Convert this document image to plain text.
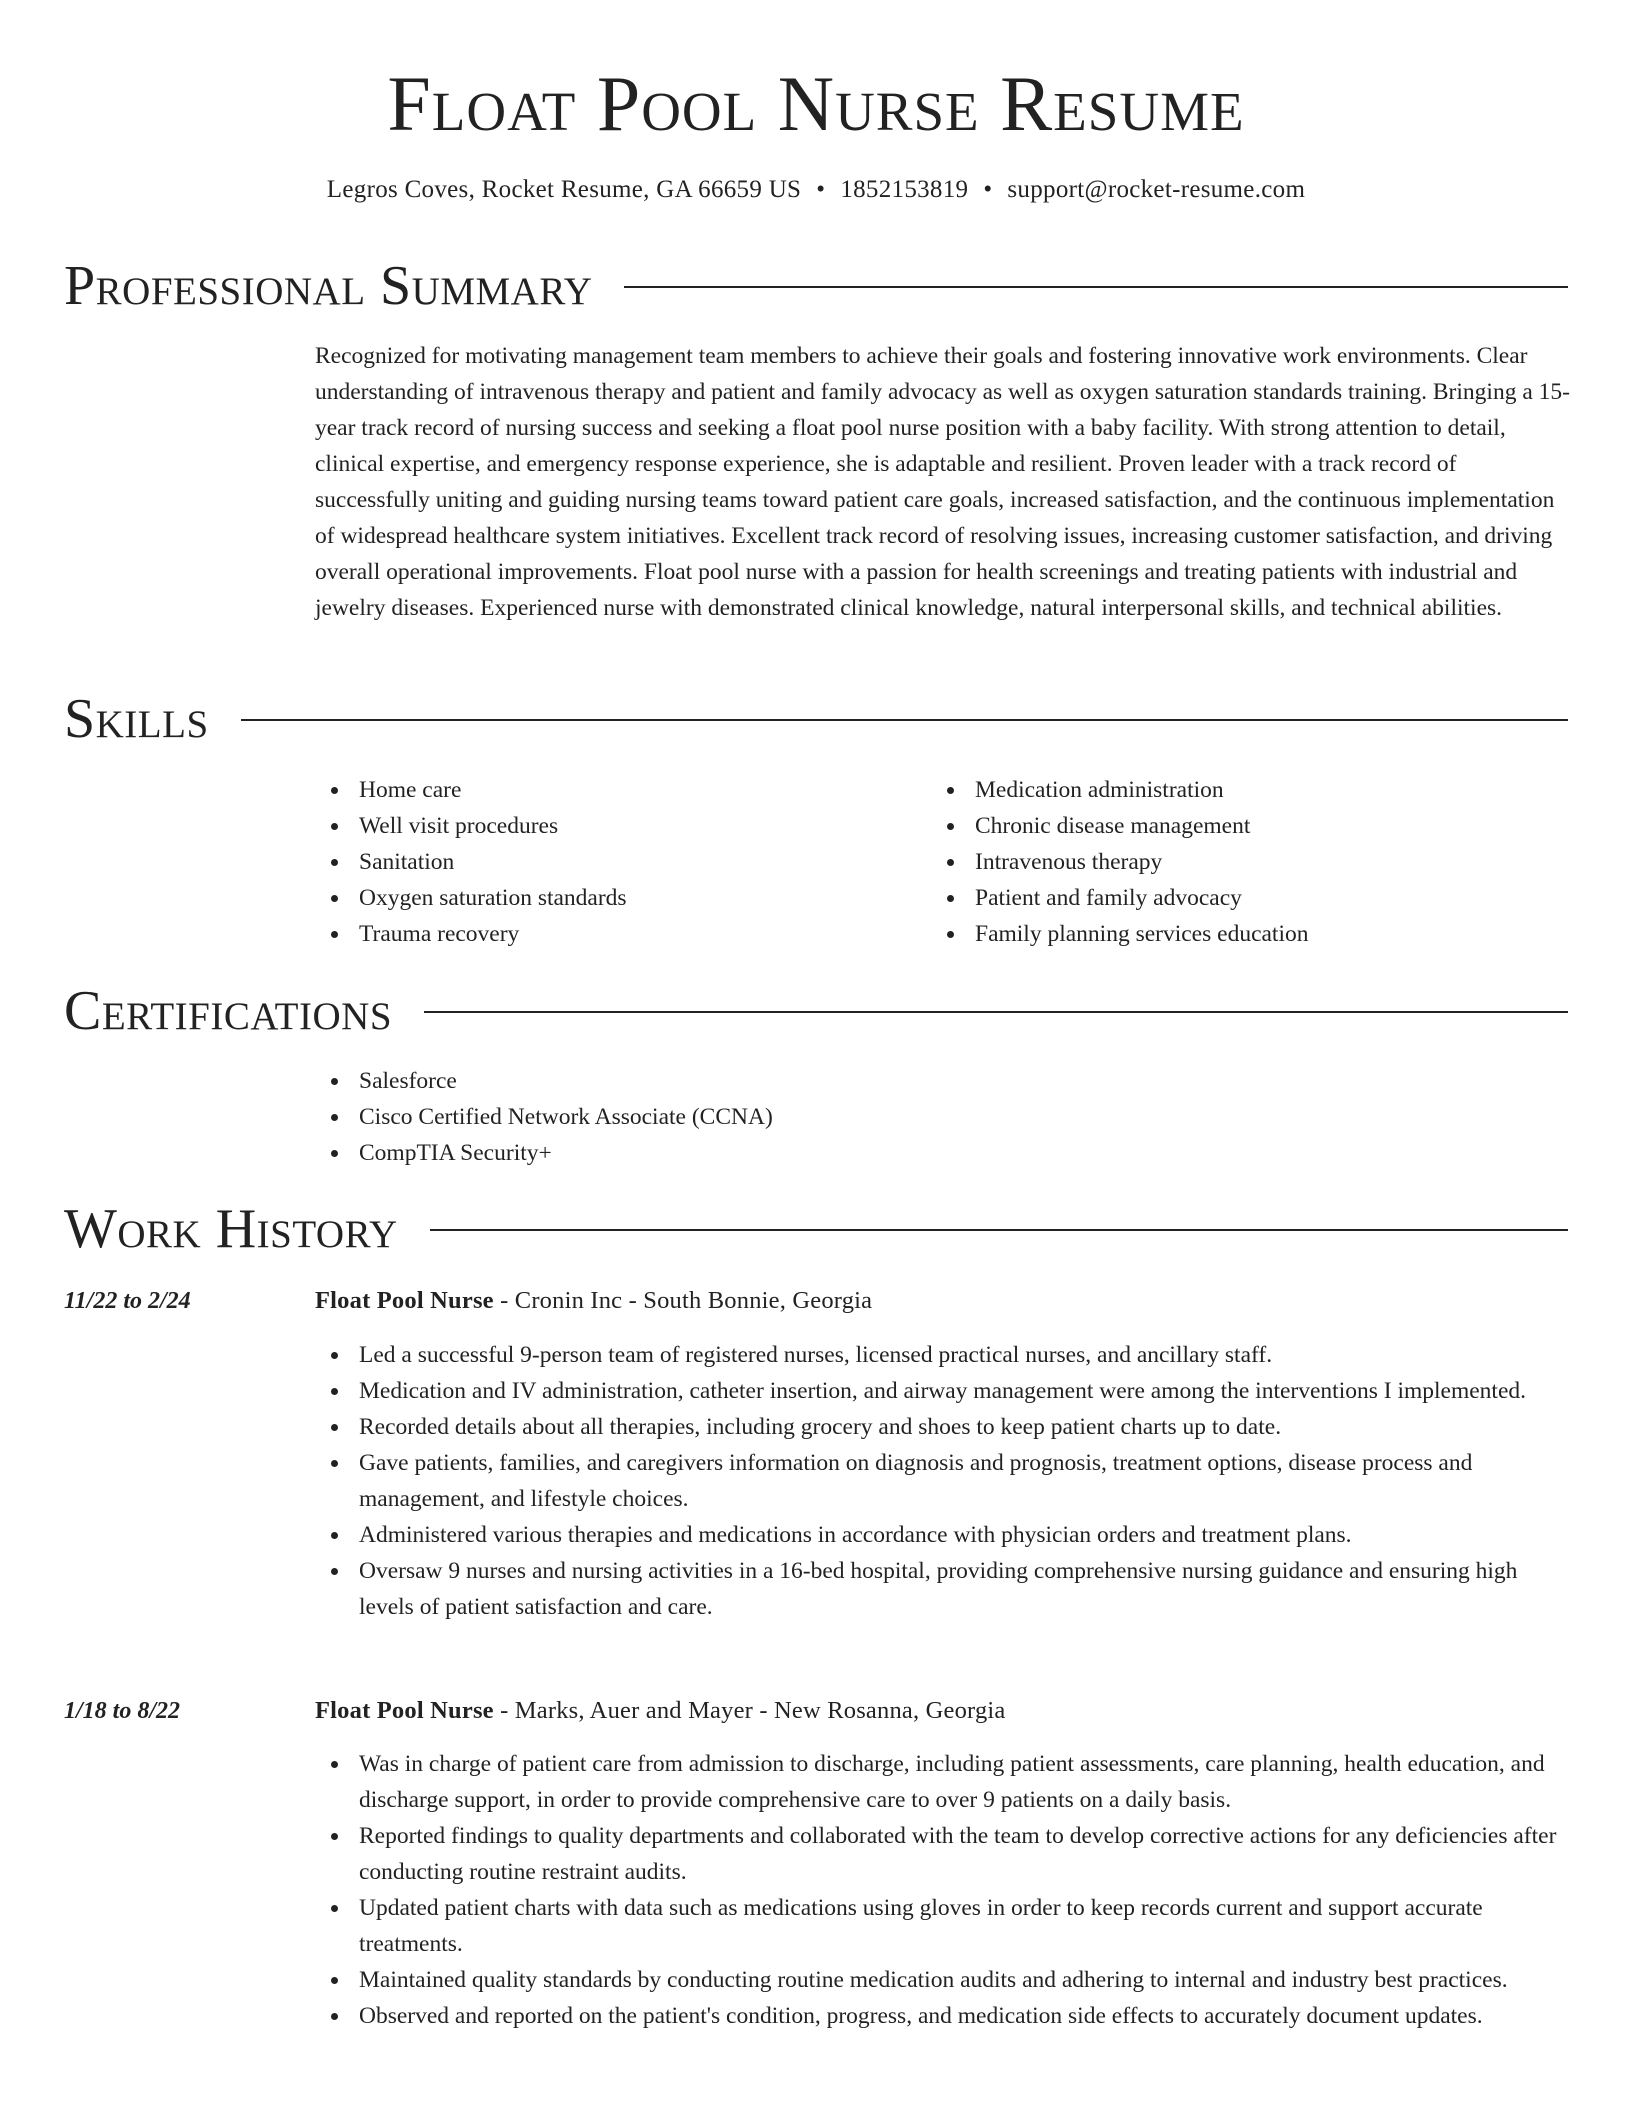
Float Pool Nurse Resume
Legros Coves, Rocket Resume, GA 66659 US • 1852153819 • support@rocket-resume.com
Professional Summary

Recognized for motivating management team members to achieve their goals and fostering innovative work environments. Clear understanding of intravenous therapy and patient and family advocacy as well as oxygen saturation standards training. Bringing a 15-year track record of nursing success and seeking a float pool nurse position with a baby facility. With strong attention to detail, clinical expertise, and emergency response experience, she is adaptable and resilient. Proven leader with a track record of successfully uniting and guiding nursing teams toward patient care goals, increased satisfaction, and the continuous implementation of widespread healthcare system initiatives. Excellent track record of resolving issues, increasing customer satisfaction, and driving overall operational improvements. Float pool nurse with a passion for health screenings and treating patients with industrial and jewelry diseases. Experienced nurse with demonstrated clinical knowledge, natural interpersonal skills, and technical abilities.

Skills
Home care
Well visit procedures
Sanitation
Oxygen saturation standards
Trauma recovery
Medication administration
Chronic disease management
Intravenous therapy
Patient and family advocacy
Family planning services education
Certifications
Salesforce
Cisco Certified Network Associate (CCNA)
CompTIA Security+
Work History
11/22 to 2/24	Float Pool Nurse - Cronin Inc - South Bonnie, Georgia
Led a successful 9-person team of registered nurses, licensed practical nurses, and ancillary staff.
Medication and IV administration, catheter insertion, and airway management were among the interventions I implemented.
Recorded details about all therapies, including grocery and shoes to keep patient charts up to date.
Gave patients, families, and caregivers information on diagnosis and prognosis, treatment options, disease process and management, and lifestyle choices.
Administered various therapies and medications in accordance with physician orders and treatment plans.
Oversaw 9 nurses and nursing activities in a 16-bed hospital, providing comprehensive nursing guidance and ensuring high levels of patient satisfaction and care.
1/18 to 8/22	Float Pool Nurse - Marks, Auer and Mayer - New Rosanna, Georgia
Was in charge of patient care from admission to discharge, including patient assessments, care planning, health education, and discharge support, in order to provide comprehensive care to over 9 patients on a daily basis.
Reported findings to quality departments and collaborated with the team to develop corrective actions for any deficiencies after conducting routine restraint audits.
Updated patient charts with data such as medications using gloves in order to keep records current and support accurate treatments.
Maintained quality standards by conducting routine medication audits and adhering to internal and industry best practices.
Observed and reported on the patient's condition, progress, and medication side effects to accurately document updates.
